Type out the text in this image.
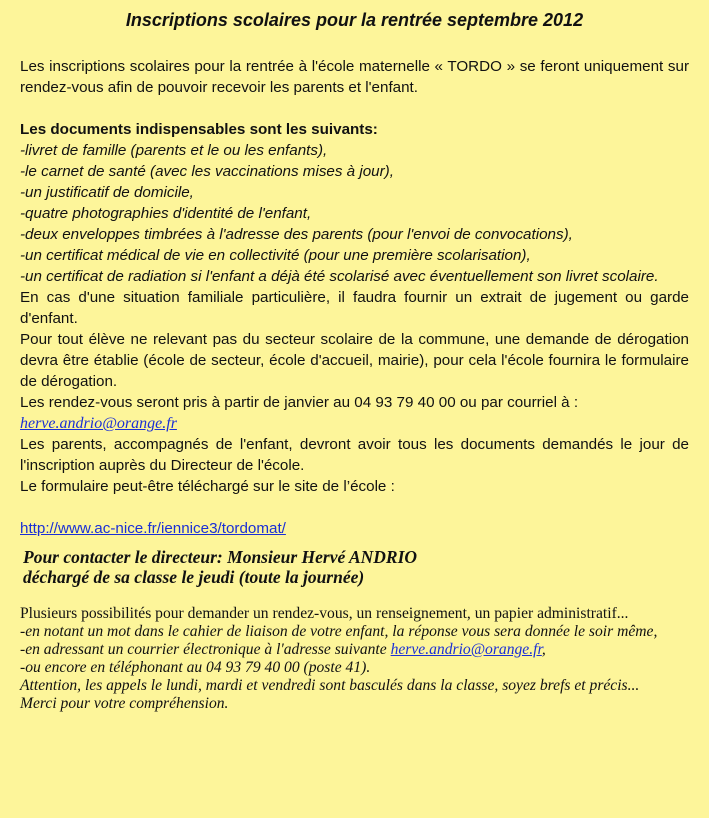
Inscriptions scolaires pour la rentrée septembre 2012

Les inscriptions scolaires pour la rentrée à l'école maternelle « TORDO » se feront uniquement sur rendez-vous afin de pouvoir recevoir les parents et l'enfant.

Les documents indispensables sont les suivants:

-livret de famille (parents et le ou les enfants),
-le carnet de santé (avec les vaccinations mises à jour),
-un justificatif de domicile,
-quatre photographies d'identité de l'enfant,
-deux enveloppes timbrées à l'adresse des parents (pour l'envoi de convocations),
-un certificat médical de vie en collectivité (pour une première scolarisation),
-un certificat de radiation si l'enfant a déjà été scolarisé avec éventuellement son livret scolaire.

En cas d'une situation familiale particulière, il faudra fournir un extrait de jugement ou garde d'enfant.

Pour tout élève ne relevant pas du secteur scolaire de la commune, une demande de dérogation devra être établie (école de secteur, école d'accueil, mairie), pour cela l'école fournira le formulaire de dérogation.

Les rendez-vous seront pris à partir de janvier au 04 93 79 40 00 ou par courriel à :

herve.andrio@orange.fr

Les parents, accompagnés de l'enfant, devront avoir tous les documents demandés le jour de l'inscription auprès du Directeur de l'école.

Le formulaire peut-être téléchargé sur le site de l’école :

http://www.ac-nice.fr/iennice3/tordomat/

Pour contacter le directeur: Monsieur Hervé ANDRIO
déchargé de sa classe le jeudi (toute la journée)

Plusieurs possibilités pour demander un rendez-vous, un renseignement, un papier administratif...

-en notant un mot dans le cahier de liaison de votre enfant, la réponse vous sera donnée le soir même,

-en adressant un courrier électronique à l'adresse suivante herve.andrio@orange.fr,

-ou encore en téléphonant au 04 93 79 40 00 (poste 41).

Attention, les appels le lundi, mardi et vendredi sont basculés dans la classe, soyez brefs et précis... Merci pour votre compréhension.
